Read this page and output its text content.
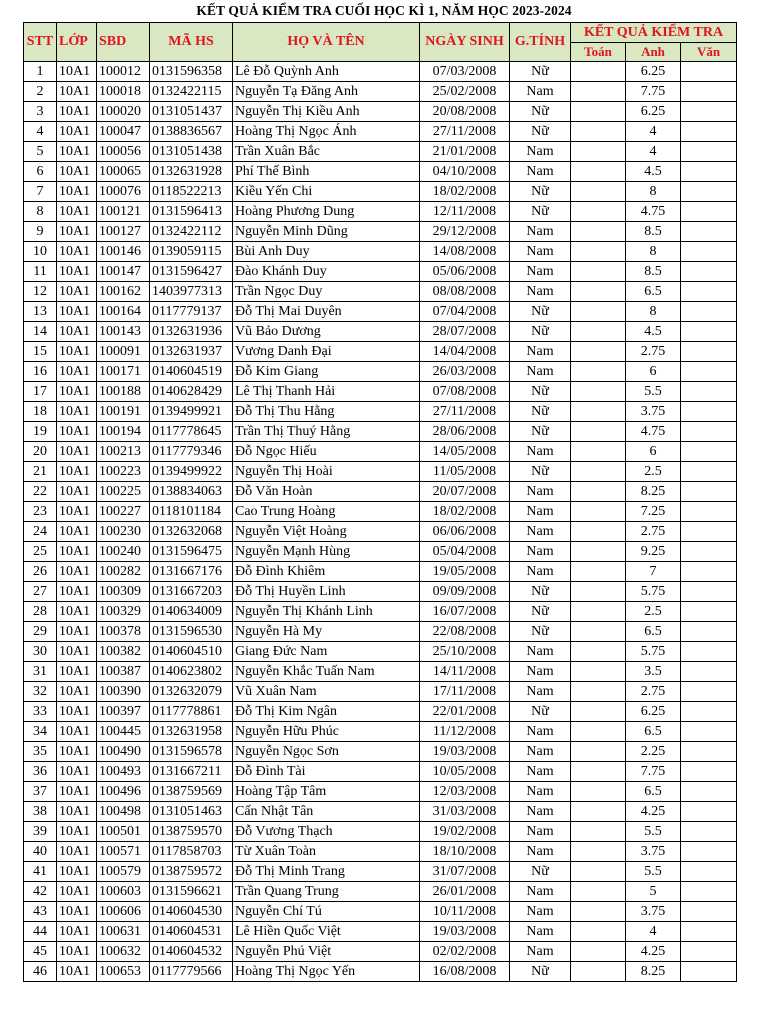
KẾT QUẢ KIỂM TRA CUỐI HỌC KÌ 1, NĂM HỌC 2023-2024
STT	LỚP	SBD	MÃ HS	HỌ VÀ TÊN	NGÀY SINH	G.TÍNH	KẾT QUẢ KIỂM TRA		
							Toán	Anh	Văn
1	10A1	100012	0131596358	Lê Đỗ Quỳnh Anh	07/03/2008	Nữ		6.25	
2	10A1	100018	0132422115	Nguyễn Tạ Đăng Anh	25/02/2008	Nam		7.75	
3	10A1	100020	0131051437	Nguyễn Thị Kiều Anh	20/08/2008	Nữ		6.25	
4	10A1	100047	0138836567	Hoàng Thị Ngọc Ánh	27/11/2008	Nữ		4	
5	10A1	100056	0131051438	Trần Xuân Bắc	21/01/2008	Nam		4	
6	10A1	100065	0132631928	Phí Thế Bình	04/10/2008	Nam		4.5	
7	10A1	100076	0118522213	Kiều Yến Chi	18/02/2008	Nữ		8	
8	10A1	100121	0131596413	Hoàng Phương Dung	12/11/2008	Nữ		4.75	
9	10A1	100127	0132422112	Nguyễn Minh Dũng	29/12/2008	Nam		8.5	
10	10A1	100146	0139059115	Bùi Anh Duy	14/08/2008	Nam		8	
11	10A1	100147	0131596427	Đào Khánh Duy	05/06/2008	Nam		8.5	
12	10A1	100162	1403977313	Trần Ngọc Duy	08/08/2008	Nam		6.5	
13	10A1	100164	0117779137	Đỗ Thị Mai Duyên	07/04/2008	Nữ		8	
14	10A1	100143	0132631936	Vũ Bảo Dương	28/07/2008	Nữ		4.5	
15	10A1	100091	0132631937	Vương Danh Đại	14/04/2008	Nam		2.75	
16	10A1	100171	0140604519	Đỗ Kim Giang	26/03/2008	Nam		6	
17	10A1	100188	0140628429	Lê Thị Thanh Hải	07/08/2008	Nữ		5.5	
18	10A1	100191	0139499921	Đỗ Thị Thu Hằng	27/11/2008	Nữ		3.75	
19	10A1	100194	0117778645	Trần Thị Thuý Hằng	28/06/2008	Nữ		4.75	
20	10A1	100213	0117779346	Đỗ Ngọc Hiếu	14/05/2008	Nam		6	
21	10A1	100223	0139499922	Nguyễn Thị Hoài	11/05/2008	Nữ		2.5	
22	10A1	100225	0138834063	Đỗ Văn Hoàn	20/07/2008	Nam		8.25	
23	10A1	100227	0118101184	Cao Trung Hoàng	18/02/2008	Nam		7.25	
24	10A1	100230	0132632068	Nguyễn Việt Hoàng	06/06/2008	Nam		2.75	
25	10A1	100240	0131596475	Nguyễn Mạnh Hùng	05/04/2008	Nam		9.25	
26	10A1	100282	0131667176	Đỗ Đình Khiêm	19/05/2008	Nam		7	
27	10A1	100309	0131667203	Đỗ Thị Huyền Linh	09/09/2008	Nữ		5.75	
28	10A1	100329	0140634009	Nguyễn Thị Khánh Linh	16/07/2008	Nữ		2.5	
29	10A1	100378	0131596530	Nguyễn Hà My	22/08/2008	Nữ		6.5	
30	10A1	100382	0140604510	Giang Đức Nam	25/10/2008	Nam		5.75	
31	10A1	100387	0140623802	Nguyễn Khắc Tuấn Nam	14/11/2008	Nam		3.5	
32	10A1	100390	0132632079	Vũ Xuân Nam	17/11/2008	Nam		2.75	
33	10A1	100397	0117778861	Đỗ Thị Kim Ngân	22/01/2008	Nữ		6.25	
34	10A1	100445	0132631958	Nguyễn Hữu Phúc	11/12/2008	Nam		6.5	
35	10A1	100490	0131596578	Nguyễn Ngọc Sơn	19/03/2008	Nam		2.25	
36	10A1	100493	0131667211	Đỗ Đình Tài	10/05/2008	Nam		7.75	
37	10A1	100496	0138759569	Hoàng Tập Tâm	12/03/2008	Nam		6.5	
38	10A1	100498	0131051463	Cấn Nhật Tân	31/03/2008	Nam		4.25	
39	10A1	100501	0138759570	Đỗ Vương Thạch	19/02/2008	Nam		5.5	
40	10A1	100571	0117858703	Từ Xuân Toàn	18/10/2008	Nam		3.75	
41	10A1	100579	0138759572	Đỗ Thị Minh Trang	31/07/2008	Nữ		5.5	
42	10A1	100603	0131596621	Trần Quang Trung	26/01/2008	Nam		5	
43	10A1	100606	0140604530	Nguyễn Chí Tú	10/11/2008	Nam		3.75	
44	10A1	100631	0140604531	Lê Hiền Quốc Việt	19/03/2008	Nam		4	
45	10A1	100632	0140604532	Nguyễn Phú Việt	02/02/2008	Nam		4.25	
46	10A1	100653	0117779566	Hoàng Thị Ngọc Yến	16/08/2008	Nữ		8.25	
